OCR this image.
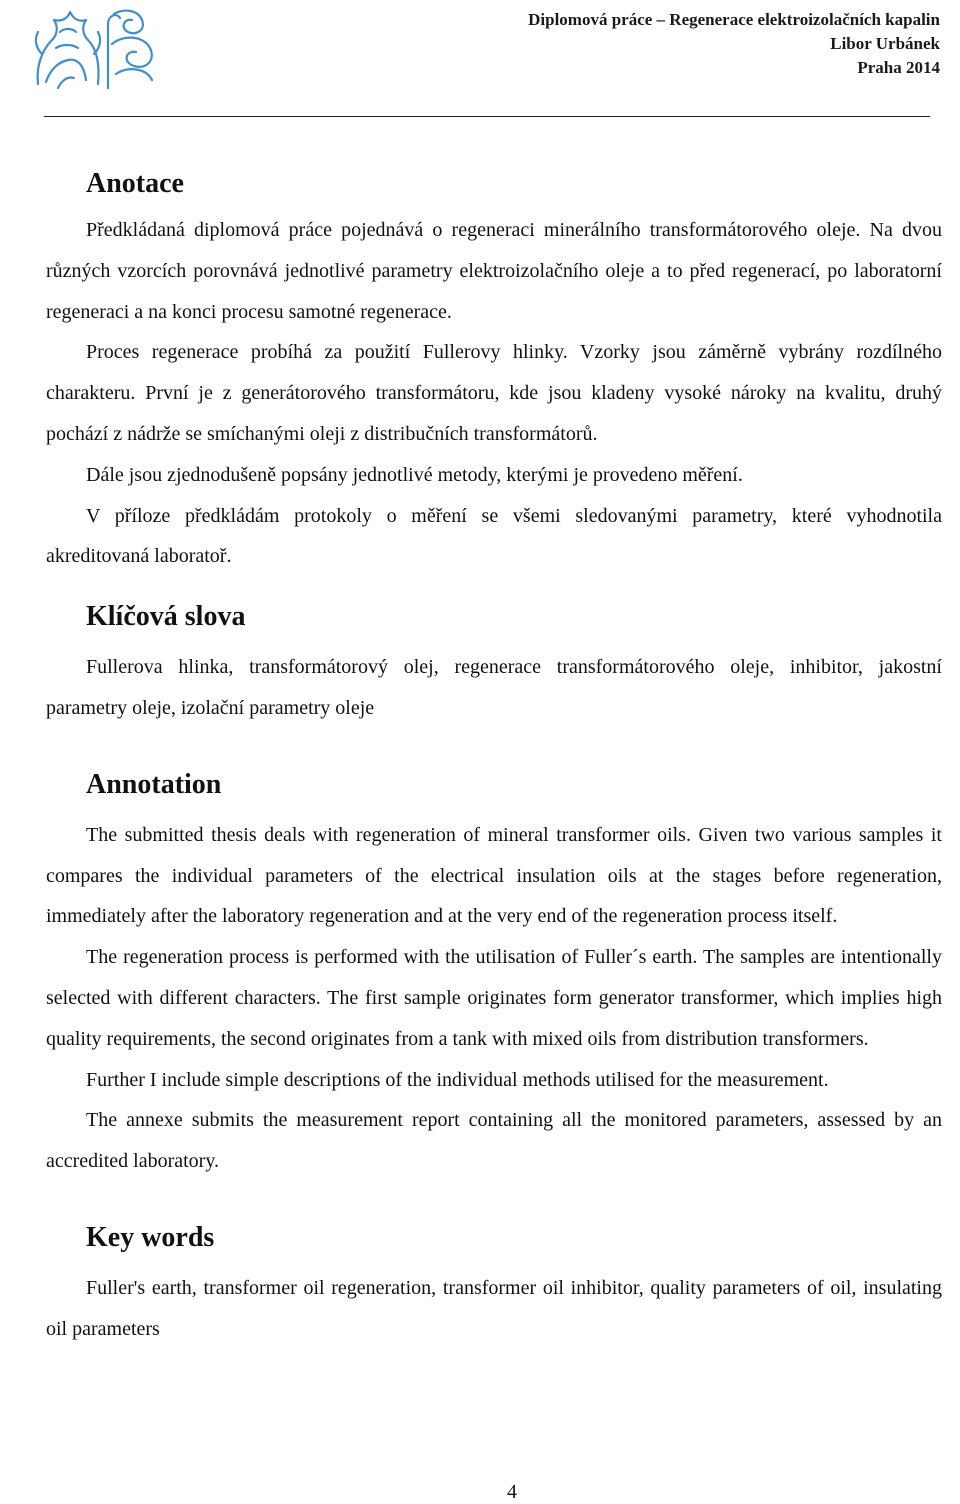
Diplomová práce – Regenerace elektroizolačních kapalin
Libor Urbánek
Praha 2014
Anotace

Předkládaná diplomová práce pojednává o regeneraci minerálního transformátorového oleje. Na dvou různých vzorcích porovnává jednotlivé parametry elektroizolačního oleje a to před regenerací, po laboratorní regeneraci a na konci procesu samotné regenerace.

Proces regenerace probíhá za použití Fullerovy hlinky. Vzorky jsou záměrně vybrány rozdílného charakteru. První je z generátorového transformátoru, kde jsou kladeny vysoké nároky na kvalitu, druhý pochází z nádrže se smíchanými oleji z distribučních transformátorů.

Dále jsou zjednodušeně popsány jednotlivé metody, kterými je provedeno měření.

V příloze předkládám protokoly o měření se všemi sledovanými parametry, které vyhodnotila akreditovaná laboratoř.

Klíčová slova

Fullerova hlinka, transformátorový olej, regenerace transformátorového oleje, inhibitor, jakostní parametry oleje, izolační parametry oleje

Annotation

The submitted thesis deals with regeneration of mineral transformer oils. Given two various samples it compares the individual parameters of the electrical insulation oils at the stages before regeneration, immediately after the laboratory regeneration and at the very end of the regeneration process itself.

The regeneration process is performed with the utilisation of Fuller´s earth. The samples are intentionally selected with different characters. The first sample originates form generator transformer, which implies high quality requirements, the second originates from a tank with mixed oils from distribution transformers.

Further I include simple descriptions of the individual methods utilised for the measurement.

The annexe submits the measurement report containing all the monitored parameters, assessed by an accredited laboratory.

Key words

Fuller's earth, transformer oil regeneration, transformer oil inhibitor, quality parameters of oil, insulating oil parameters

4
